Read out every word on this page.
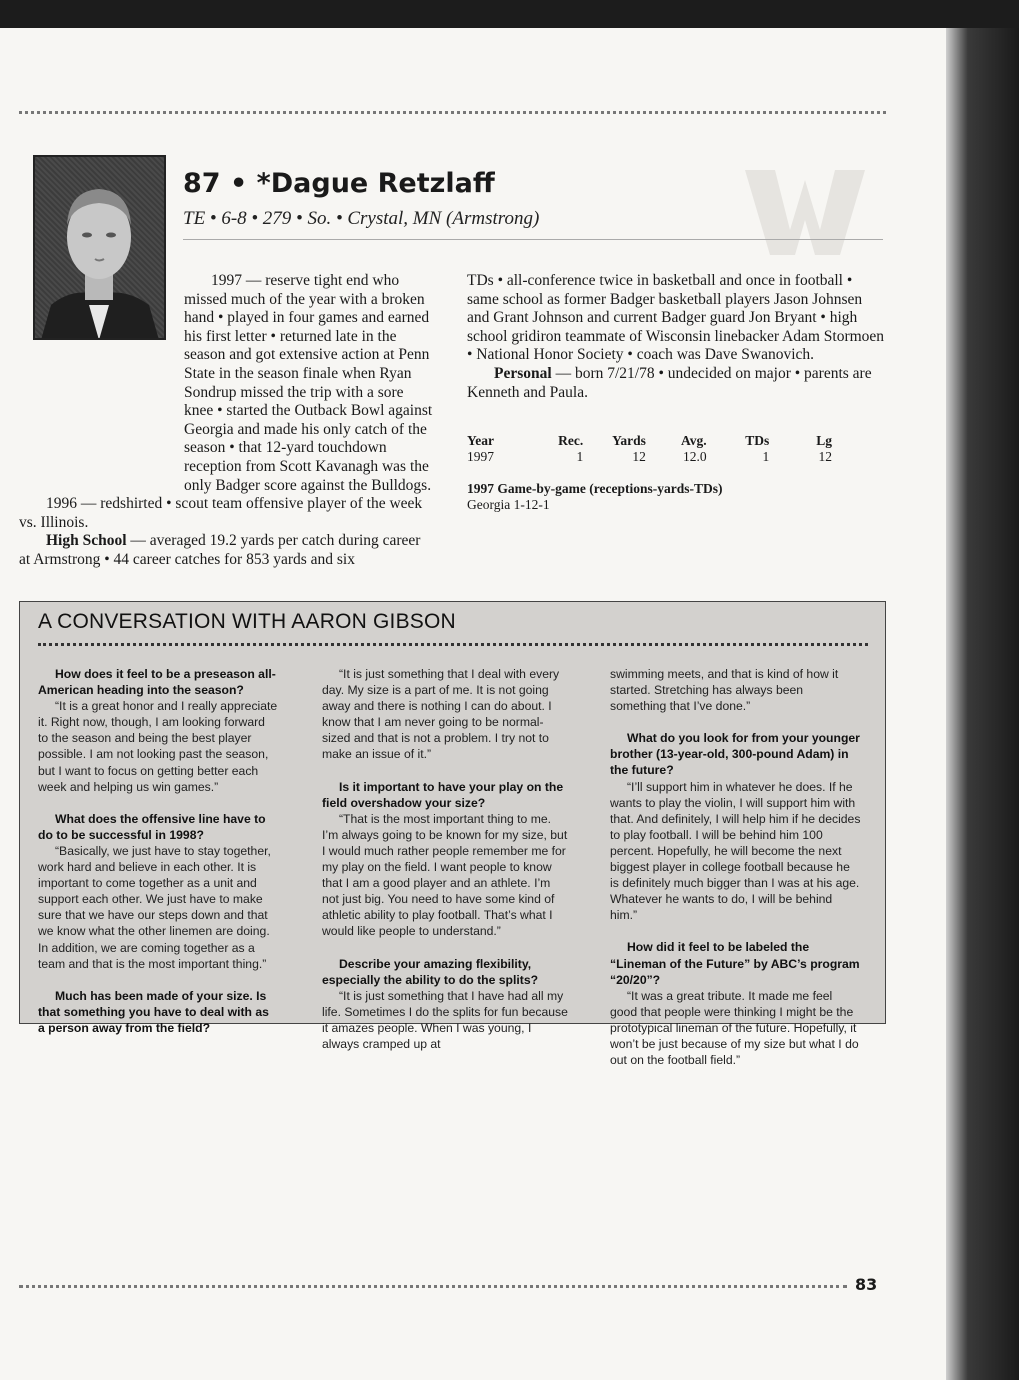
87 • *Dague Retzlaff
TE • 6-8 • 279 • So. • Crystal, MN (Armstrong)

1997 — reserve tight end who missed much of the year with a broken hand • played in four games and earned his first letter • returned late in the season and got extensive action at Penn State in the season finale when Ryan Sondrup missed the trip with a sore knee • started the Outback Bowl against Georgia and made his only catch of the season • that 12-yard touchdown reception from Scott Kavanagh was the only Badger score against the Bulldogs.

1996 — redshirted • scout team offensive player of the week vs. Illinois.

High School — averaged 19.2 yards per catch during career at Armstrong • 44 career catches for 853 yards and six

TDs • all-conference twice in basketball and once in football • same school as former Badger basketball players Jason Johnsen and Grant Johnson and current Badger guard Jon Bryant • high school gridiron teammate of Wisconsin linebacker Adam Stormoen • National Honor Society • coach was Dave Swanovich.

Personal — born 7/21/78 • undecided on major • parents are Kenneth and Paula.

Year	Rec.	Yards	Avg.	TDs	Lg
1997	1	12	12.0	1	12
1997 Game-by-game (receptions-yards-TDs)
Georgia 1-12-1
A CONVERSATION WITH AARON GIBSON

How does it feel to be a preseason all-American heading into the season?

“It is a great honor and I really appreciate it. Right now, though, I am looking forward to the season and being the best player possible. I am not looking past the season, but I want to focus on getting better each week and helping us win games.”

What does the offensive line have to do to be successful in 1998?

“Basically, we just have to stay together, work hard and believe in each other. It is important to come together as a unit and support each other. We just have to make sure that we have our steps down and that we know what the other linemen are doing. In addition, we are coming together as a team and that is the most important thing.”

Much has been made of your size. Is that something you have to deal with as a person away from the field?

“It is just something that I deal with every day. My size is a part of me. It is not going away and there is nothing I can do about. I know that I am never going to be normal-sized and that is not a problem. I try not to make an issue of it.”

Is it important to have your play on the field overshadow your size?

“That is the most important thing to me. I’m always going to be known for my size, but I would much rather people remember me for my play on the field. I want people to know that I am a good player and an athlete. I’m not just big. You need to have some kind of athletic ability to play football. That’s what I would like people to understand.”

Describe your amazing flexibility, especially the ability to do the splits?

“It is just something that I have had all my life. Sometimes I do the splits for fun because it amazes people. When I was young, I always cramped up at

swimming meets, and that is kind of how it started. Stretching has always been something that I’ve done.”

What do you look for from your younger brother (13-year-old, 300-pound Adam) in the future?

“I’ll support him in whatever he does. If he wants to play the violin, I will support him with that. And definitely, I will help him if he decides to play football. I will be behind him 100 percent. Hopefully, he will become the next biggest player in college football because he is definitely much bigger than I was at his age. Whatever he wants to do, I will be behind him.”

How did it feel to be labeled the “Lineman of the Future” by ABC’s program “20/20”?

“It was a great tribute. It made me feel good that people were thinking I might be the prototypical lineman of the future. Hopefully, it won’t be just because of my size but what I do out on the football field.”

83
